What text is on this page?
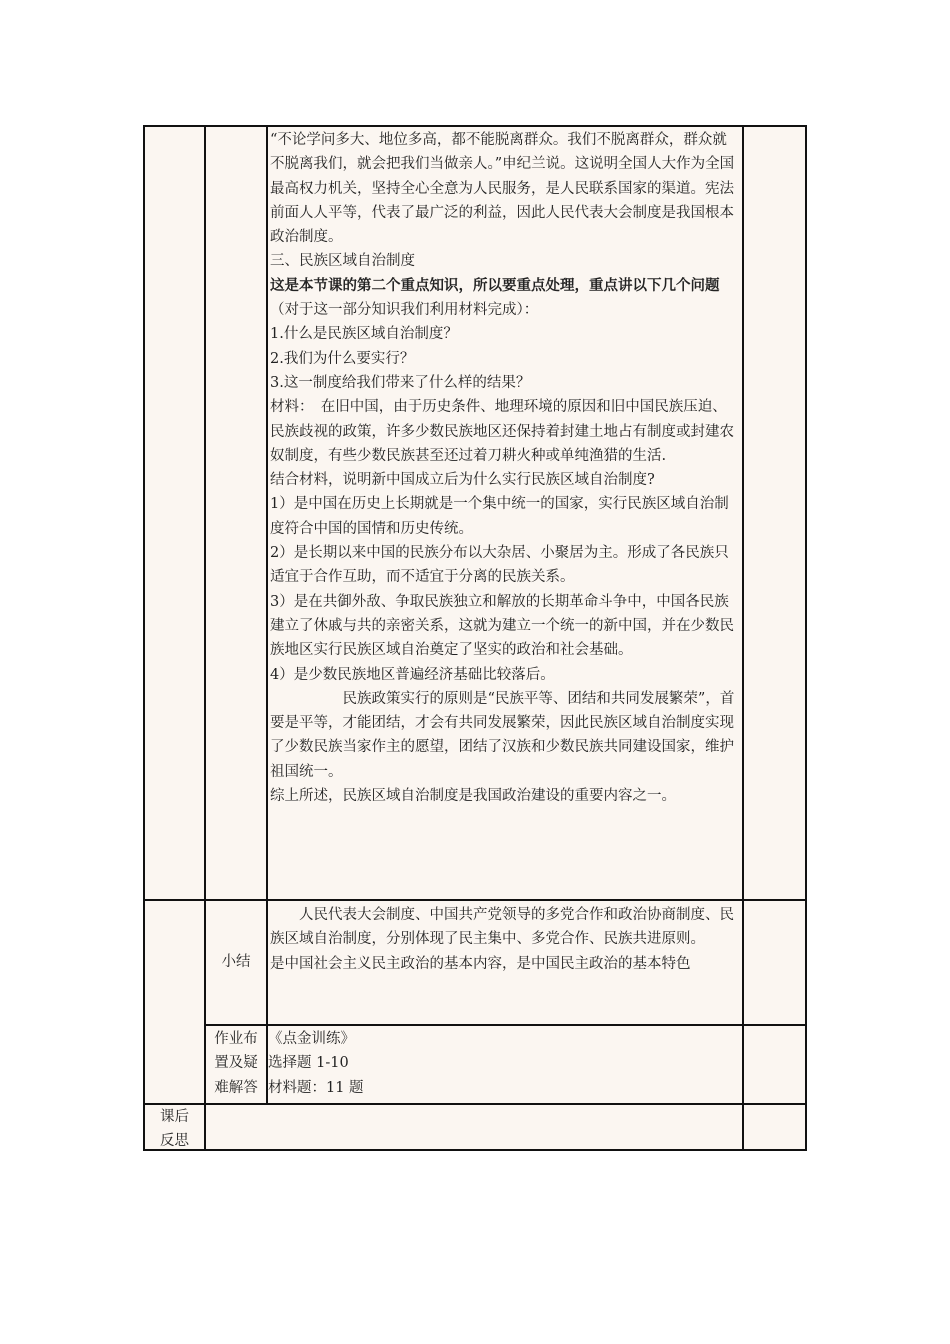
“不论学问多大、地位多高，都不能脱离群众。我们不脱离群众，群众就不脱离我们，就会把我们当做亲人。”申纪兰说。这说明全国人大作为全国最高权力机关，坚持全心全意为人民服务，是人民联系国家的渠道。宪法前面人人平等，代表了最广泛的利益，因此人民代表大会制度是我国根本政治制度。

三、民族区域自治制度

这是本节课的第二个重点知识，所以要重点处理，重点讲以下几个问题（对于这一部分知识我们利用材料完成）：

1.什么是民族区域自治制度？

2.我们为什么要实行？

3.这一制度给我们带来了什么样的结果？

材料：　在旧中国，由于历史条件、地理环境的原因和旧中国民族压迫、民族歧视的政策，许多少数民族地区还保持着封建土地占有制度或封建农奴制度，有些少数民族甚至还过着刀耕火种或单纯渔猎的生活.

结合材料，说明新中国成立后为什么实行民族区域自治制度?

1）是中国在历史上长期就是一个集中统一的国家，实行民族区域自治制度符合中国的国情和历史传统。

2）是长期以来中国的民族分布以大杂居、小聚居为主。形成了各民族只适宜于合作互助，而不适宜于分离的民族关系。

3）是在共御外敌、争取民族独立和解放的长期革命斗争中，中国各民族建立了休戚与共的亲密关系，这就为建立一个统一的新中国，并在少数民族地区实行民族区域自治奠定了坚实的政治和社会基础。

4）是少数民族地区普遍经济基础比较落后。

　　　　　民族政策实行的原则是“民族平等、团结和共同发展繁荣”，首要是平等，才能团结，才会有共同发展繁荣，因此民族区域自治制度实现了少数民族当家作主的愿望，团结了汉族和少数民族共同建设国家，维护祖国统一。

综上所述，民族区域自治制度是我国政治建设的重要内容之一。

小结

　　人民代表大会制度、中国共产党领导的多党合作和政治协商制度、民族区域自治制度，分别体现了民主集中、多党合作、民族共进原则。

是中国社会主义民主政治的基本内容，是中国民主政治的基本特色

作业布

置及疑

难解答

《点金训练》

选择题 1-10

材料题：11 题

课后

反思
